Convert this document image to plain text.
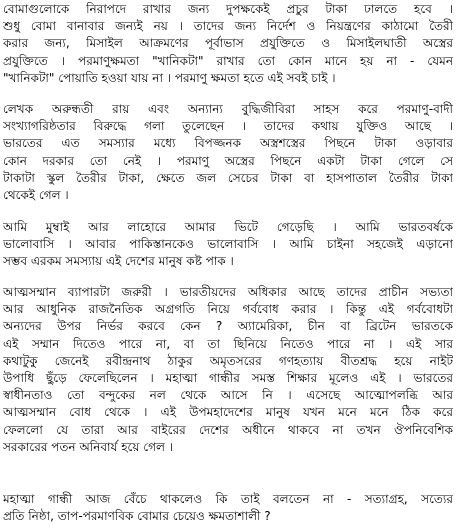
বোমাগুলোকে নিরাপদে রাখার জন্য দুপক্ষকেই প্রচুর টাকা ঢালতে হবে ।
শুধু বোমা বানাবার জন্যই নয় । তাদের জন্য নির্দেশ ও নিয়ন্ত্রণের কাঠামো তৈরী
করার জন্য, মিসাইল আক্রমণের পূর্বাভাস প্রযুক্তিতে ও মিসাইলঘাতী অস্ত্রের
প্রযুক্তিতে । পরমাণুক্ষমতা "খানিকটা" রাখার তো কোন মানে হয় না - যেমন
"খানিকটা" পোয়াতি হওয়া যায় না । পরমাণু ক্ষমতা হতে এই সবই চাই ।
লেখক অরুন্ধতী রায় এবং অন্যান্য বুদ্ধিজীবিরা সাহস করে পরমাণু-বাদী
সংখ্যাগরিষ্ঠতার বিরুদ্ধে গলা তুলেছেন । তাদের কথায় যুক্তিও আছে ।
ভারতের এত সমস্যার মধ্যে বিপজ্জনক অস্ত্রশস্ত্রের পিছনে টাকা ওড়াবার
কোন দরকার তো নেই । পরমাণু অস্ত্রের পিছনে একটা টাকা গেলে সে
টাকাটা স্কুল তৈরীর টাকা, ক্ষেতে জল সেচের টাকা বা হাসপাতাল তৈরীর টাকা
থেকেই গেল ।
আমি মুম্বাই আর লাহোরে আমার ভিটে গেড়েছি । আমি ভারতবর্ষকে
ভালোবাসি । আবার পাকিস্তানকেও ভালোবাসি । আমি চাইনা সহজেই এড়ানো
সম্ভব এরকম সমস্যায় এই দেশের মানুষ কষ্ট পাক ।
আত্মসম্মান ব্যাপারটা জরুরী । ভারতীয়দের অধিকার আছে তাদের প্রাচীন সভ্যতা
আর আধুনিক রাজনৈতিক অগ্রগতি নিয়ে গর্ববোধ করার । কিন্তু এই গর্ববোধটা
অন্যদের উপর নির্ভর করবে কেন ? অ্যামেরিকা, চীন বা ব্রিটেন ভারতকে
এই সম্মান দিতেও পারে না, বা তা ছিনিয়ে নিতেও পারে না । এই সার
কথাটুকু জেনেই রবীন্দ্রনাথ ঠাকুর অমৃতসরের গণহত্যায় বীতশ্রদ্ধ হয়ে নাইট
উপাধি ছুঁড়ে ফেলেছিলেন । মহাত্মা গান্ধীর সমস্ত শিক্ষার মূলেও এই । ভারতের
স্বাধীনতাও তো বন্দুকের নল থেকে আসে নি । এসেছে আত্মোপলব্ধি আর
আত্মসম্মান বোধ থেকে । এই উপমহাদেশের মানুষ যখন মনে মনে ঠিক করে
ফেললো যে তারা আর বাইরের দেশের অধীনে থাকবে না তখন ঔপনিবেশিক
সরকারের পতন অনিবার্য হয়ে গেল ।
মহাত্মা গান্ধী আজ বেঁচে থাকলেও কি তাই বলতেন না - সত্যাগ্রহ, সত্যের
প্রতি নিষ্ঠা, তাপ-পরমাণবিক বোমার চেয়েও ক্ষমতাশালী ?
